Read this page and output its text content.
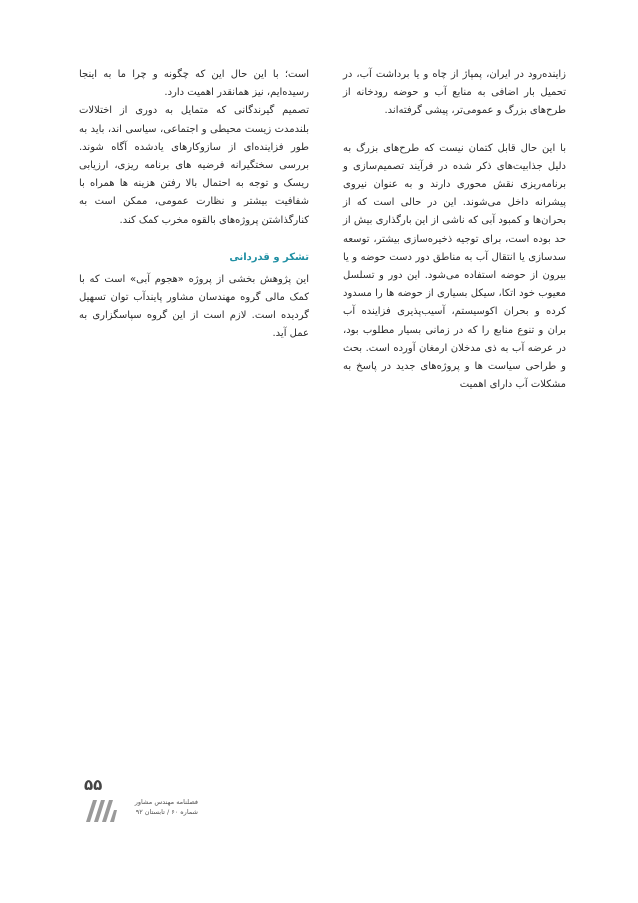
زاینده‌رود در ایران، پمپاژ از چاه و یا برداشت آب، در تحمیل بار اضافی به منابع آب و حوضه رودخانه از طرح‌های بزرگ و عمومی‌تر، پیشی گرفته‌اند.

با این حال قابل کتمان نیست که طرح‌های بزرگ به دلیل جذابیت‌های ذکر شده در فرآیند تصمیم‌سازی و برنامه‌ریزی نقش محوری دارند و به عنوان نیروی پیشرانه داخل می‌شوند. این در حالی است که از بحران‌ها و کمبود آبی که ناشی از این بارگذاری بیش از حد بوده است، برای توجیه ذخیره‌سازی بیشتر، توسعه سدسازی یا انتقال آب به مناطق دور دست حوضه و یا بیرون از حوضه استفاده می‌شود. این دور و تسلسل معیوب خود اتکا، سیکل بسیاری از حوضه ها را مسدود کرده و بحران اکوسیستم، آسیب‌پذیری فزاینده آب بران و تنوع منابع را که در زمانی بسیار مطلوب بود، در عرضه آب به ذی مدخلان ارمغان آورده است. بحث و طراحی سیاست ها و پروژه‌های جدید در پاسخ به مشکلات آب دارای اهمیت

است؛ با این حال این که چگونه و چرا ما به اینجا رسیده‌ایم، نیز همانقدر اهمیت دارد.

تصمیم گیرندگانی که متمایل به دوری از اختلالات بلندمدت زیست محیطی و اجتماعی، سیاسی اند، باید به طور فزاینده‌ای از سازوکارهای یادشده آگاه شوند. بررسی سختگیرانه فرضیه های برنامه ریزی، ارزیابی ریسک و توجه به احتمال بالا رفتن هزینه ها همراه با شفافیت بیشتر و نظارت عمومی، ممکن است به کنارگذاشتن پروژه‌های بالقوه مخرب کمک کند.

تشکر و قدردانی

این پژوهش بخشی از پروژه «هجوم آبی» است که با کمک مالی گروه مهندسان مشاور پایندآب توان تسهیل گردیده است. لازم است از این گروه سپاسگزاری به عمل آید.

۵۵
فصلنامه مهندس مشاور
شماره ۶۰ / تابستان ۹۲
